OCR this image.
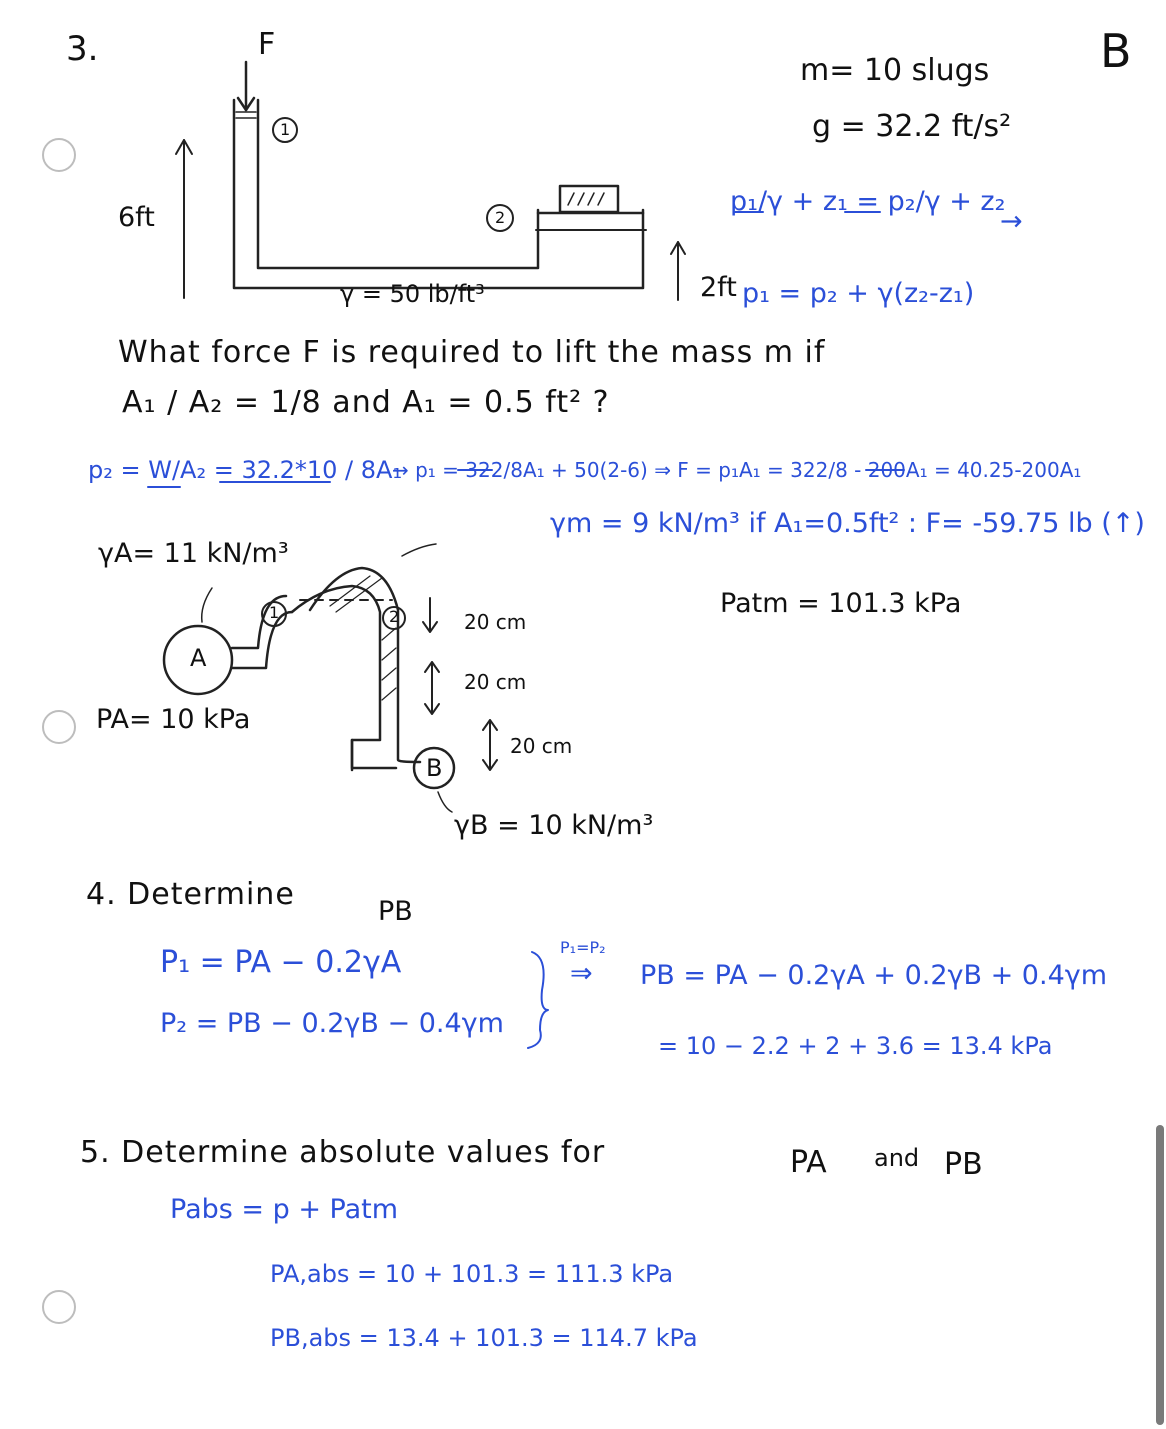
3.	B
F
1
2
6ft
2ft
γ = 50 lb/ft³
m= 10 slugs
g = 32.2 ft/s²
What force F is required to lift the mass m if
A₁ / A₂ = 1/8 and A₁ = 0.5 ft² ?
p₁/γ + z₁ = p₂/γ + z₂
→
p₁ = p₂ + γ(z₂-z₁)
p₂ = W/A₂ = 32.2*10 / 8A₁
→ p₁ = 322/8A₁ + 50(2-6) ⇒ F = p₁A₁ = 322/8 - 200A₁ = 40.25-200A₁
γm = 9 kN/m³ if A₁=0.5ft² : F= -59.75 lb (↑)
γA= 11 kN/m³
Patm = 101.3 kPa
A
B
PA= 10 kPa
1	2	20 cm
20 cm
20 cm
γB = 10 kN/m³
4. Determine	PB
P₁ = PA − 0.2γA
P₂ = PB − 0.2γB − 0.4γm
P₁=P₂
⇒ PB = PA − 0.2γA + 0.2γB + 0.4γm
= 10 − 2.2 + 2 + 3.6 = 13.4 kPa
5. Determine absolute values for	PA and PB
Pabs = p + Patm
PA,abs = 10 + 101.3 = 111.3 kPa
PB,abs = 13.4 + 101.3 = 114.7 kPa
